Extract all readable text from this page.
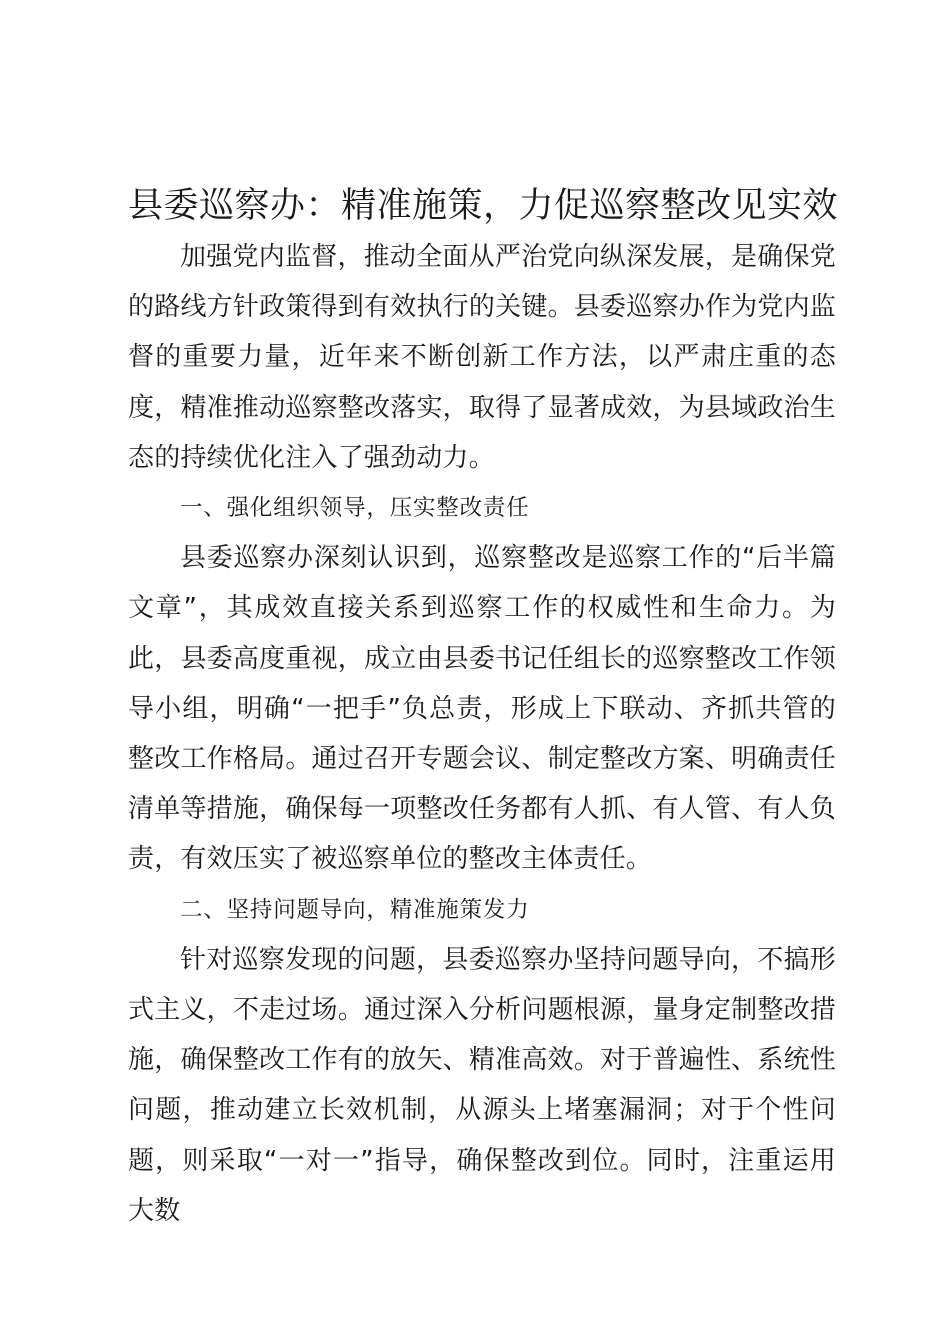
县委巡察办：精准施策，力促巡察整改见实效

加强党内监督，推动全面从严治党向纵深发展，是确保党的路线方针政策得到有效执行的关键。县委巡察办作为党内监督的重要力量，近年来不断创新工作方法，以严肃庄重的态度，精准推动巡察整改落实，取得了显著成效，为县域政治生态的持续优化注入了强劲动力。

一、强化组织领导，压实整改责任

县委巡察办深刻认识到，巡察整改是巡察工作的“后半篇文章”，其成效直接关系到巡察工作的权威性和生命力。为此，县委高度重视，成立由县委书记任组长的巡察整改工作领导小组，明确“一把手”负总责，形成上下联动、齐抓共管的整改工作格局。通过召开专题会议、制定整改方案、明确责任清单等措施，确保每一项整改任务都有人抓、有人管、有人负责，有效压实了被巡察单位的整改主体责任。

二、坚持问题导向，精准施策发力

针对巡察发现的问题，县委巡察办坚持问题导向，不搞形式主义，不走过场。通过深入分析问题根源，量身定制整改措施，确保整改工作有的放矢、精准高效。对于普遍性、系统性问题，推动建立长效机制，从源头上堵塞漏洞；对于个性问题，则采取“一对一”指导，确保整改到位。同时，注重运用大数
